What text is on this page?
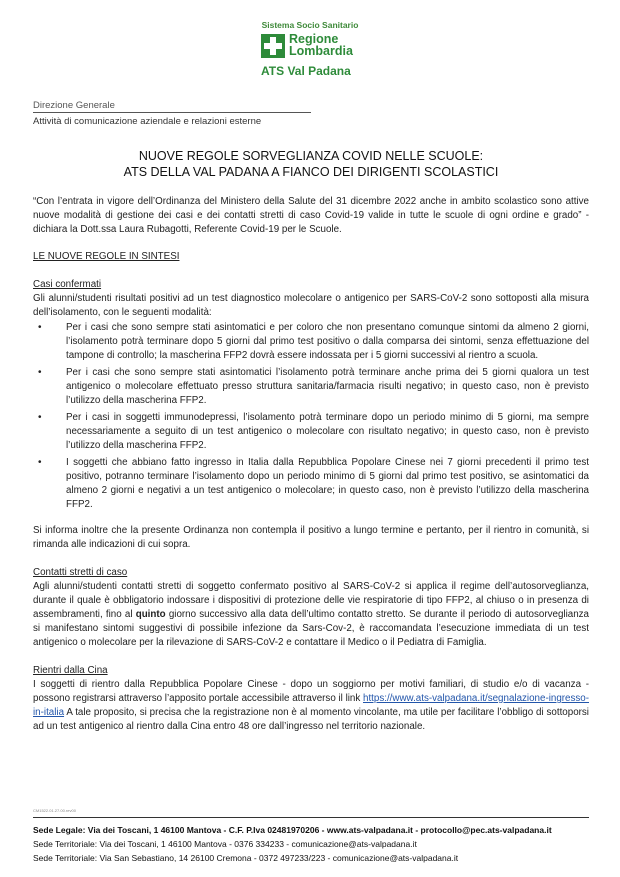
Sistema Socio Sanitario
Regione
Lombardia
ATS Val Padana
Direzione Generale
Attività di comunicazione aziendale e relazioni esterne
NUOVE REGOLE SORVEGLIANZA COVID NELLE SCUOLE:
ATS DELLA VAL PADANA A FIANCO DEI DIRIGENTI SCOLASTICI

“Con l’entrata in vigore dell’Ordinanza del Ministero della Salute del 31 dicembre 2022 anche in ambito scolastico sono attive nuove modalità di gestione dei casi e dei contatti stretti di caso Covid-19 valide in tutte le scuole di ogni ordine e grado” - dichiara la Dott.ssa Laura Rubagotti, Referente Covid-19 per le Scuole.

LE NUOVE REGOLE IN SINTESI

Casi confermati

Gli alunni/studenti risultati positivi ad un test diagnostico molecolare o antigenico per SARS-CoV-2 sono sottoposti alla misura dell’isolamento, con le seguenti modalità:

• Per i casi che sono sempre stati asintomatici e per coloro che non presentano comunque sintomi da almeno 2 giorni, l’isolamento potrà terminare dopo 5 giorni dal primo test positivo o dalla comparsa dei sintomi, senza effettuazione del tampone di controllo; la mascherina FFP2 dovrà essere indossata per i 5 giorni successivi al rientro a scuola.
• Per i casi che sono sempre stati asintomatici l’isolamento potrà terminare anche prima dei 5 giorni qualora un test antigenico o molecolare effettuato presso struttura sanitaria/farmacia risulti negativo; in questo caso, non è previsto l’utilizzo della mascherina FFP2.
• Per i casi in soggetti immunodepressi, l’isolamento potrà terminare dopo un periodo minimo di 5 giorni, ma sempre necessariamente a seguito di un test antigenico o molecolare con risultato negativo; in questo caso, non è previsto l’utilizzo della mascherina FFP2.
• I soggetti che abbiano fatto ingresso in Italia dalla Repubblica Popolare Cinese nei 7 giorni precedenti il primo test positivo, potranno terminare l’isolamento dopo un periodo minimo di 5 giorni dal primo test positivo, se asintomatici da almeno 2 giorni e negativi a un test antigenico o molecolare; in questo caso, non è previsto l’utilizzo della mascherina FFP2.

Si informa inoltre che la presente Ordinanza non contempla il positivo a lungo termine e pertanto, per il rientro in comunità, si rimanda alle indicazioni di cui sopra.

Contatti stretti di caso

Agli alunni/studenti contatti stretti di soggetto confermato positivo al SARS-CoV-2 si applica il regime dell’autosorveglianza, durante il quale è obbligatorio indossare i dispositivi di protezione delle vie respiratorie di tipo FFP2, al chiuso o in presenza di assembramenti, fino al quinto giorno successivo alla data dell’ultimo contatto stretto. Se durante il periodo di autosorveglianza si manifestano sintomi suggestivi di possibile infezione da Sars-Cov-2, è raccomandata l’esecuzione immediata di un test antigenico o molecolare per la rilevazione di SARS-CoV-2 e contattare il Medico o il Pediatra di Famiglia.

Rientri dalla Cina

I soggetti di rientro dalla Repubblica Popolare Cinese - dopo un soggiorno per motivi familiari, di studio e/o di vacanza - possono registrarsi attraverso l’apposito portale accessibile attraverso il link https://www.ats-valpadana.it/segnalazione-ingresso-in-italia A tale proposito, si precisa che la registrazione non è al momento vincolante, ma utile per facilitare l’obbligo di sottoporsi ad un test antigenico al rientro dalla Cina entro 48 ore dall’ingresso nel territorio nazionale.

CM1522.01.27.00.rev00
Sede Legale: Via dei Toscani, 1 46100 Mantova - C.F. P.Iva 02481970206 - www.ats-valpadana.it - protocollo@pec.ats-valpadana.it
Sede Territoriale: Via dei Toscani, 1 46100 Mantova - 0376 334233 - comunicazione@ats-valpadana.it
Sede Territoriale: Via San Sebastiano, 14 26100 Cremona - 0372 497233/223 - comunicazione@ats-valpadana.it
